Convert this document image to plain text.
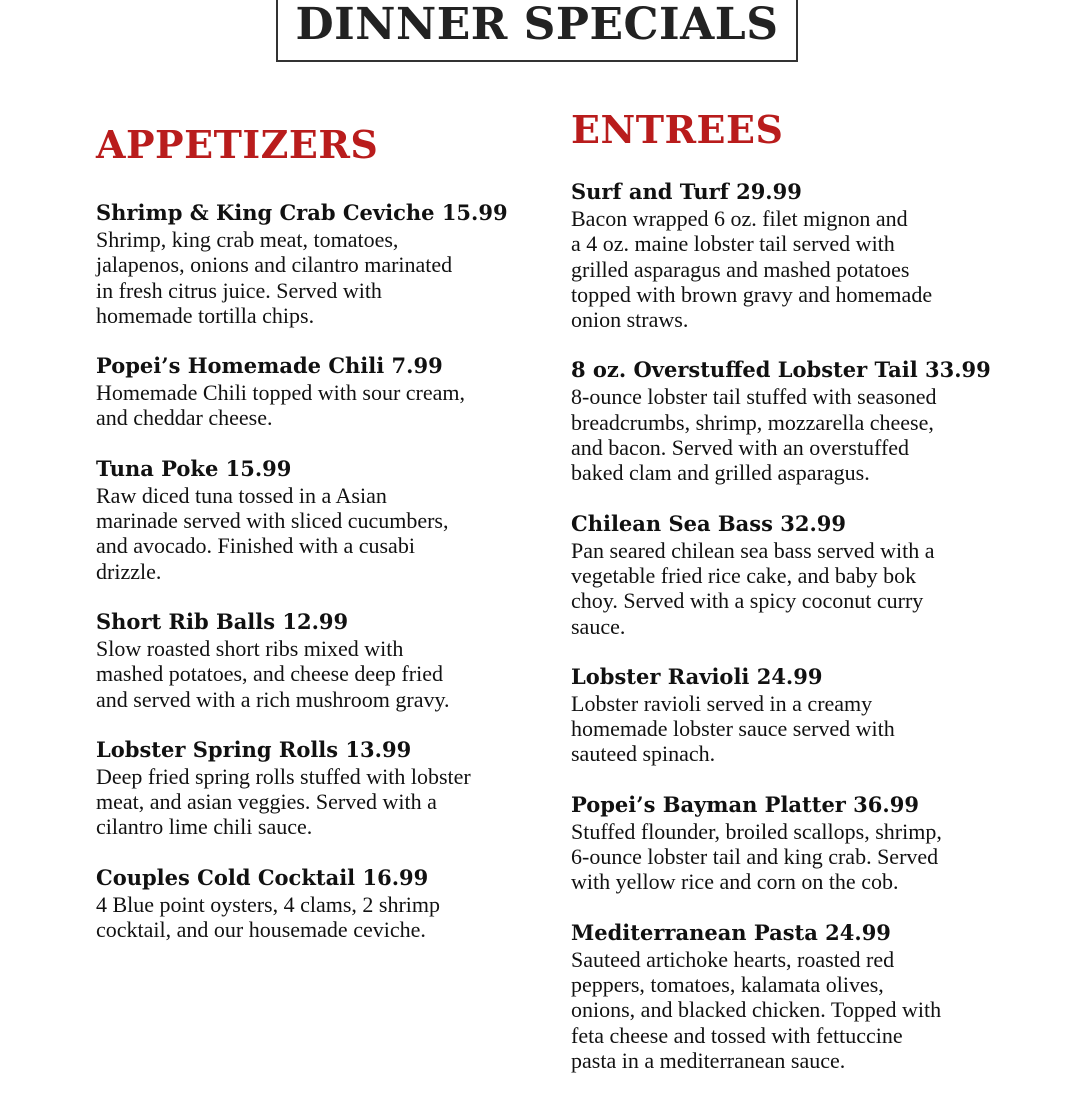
DINNER SPECIALS
APPETIZERS
Shrimp & King Crab Ceviche 15.99
Shrimp, king crab meat, tomatoes,
jalapenos, onions and cilantro marinated
in fresh citrus juice. Served with
homemade tortilla chips.
Popei’s Homemade Chili 7.99
Homemade Chili topped with sour cream,
and cheddar cheese.
Tuna Poke 15.99
Raw diced tuna tossed in a Asian
marinade served with sliced cucumbers,
and avocado. Finished with a cusabi
drizzle.
Short Rib Balls 12.99
Slow roasted short ribs mixed with
mashed potatoes, and cheese deep fried
and served with a rich mushroom gravy.
Lobster Spring Rolls 13.99
Deep fried spring rolls stuffed with lobster
meat, and asian veggies. Served with a
cilantro lime chili sauce.
Couples Cold Cocktail 16.99
4 Blue point oysters, 4 clams, 2 shrimp
cocktail, and our housemade ceviche.
ENTREES
Surf and Turf 29.99
Bacon wrapped 6 oz. filet mignon and
a 4 oz. maine lobster tail served with
grilled asparagus and mashed potatoes
topped with brown gravy and homemade
onion straws.
8 oz. Overstuffed Lobster Tail 33.99
8-ounce lobster tail stuffed with seasoned
breadcrumbs, shrimp, mozzarella cheese,
and bacon. Served with an overstuffed
baked clam and grilled asparagus.
Chilean Sea Bass 32.99
Pan seared chilean sea bass served with a
vegetable fried rice cake, and baby bok
choy. Served with a spicy coconut curry
sauce.
Lobster Ravioli 24.99
Lobster ravioli served in a creamy
homemade lobster sauce served with
sauteed spinach.
Popei’s Bayman Platter 36.99
Stuffed flounder, broiled scallops, shrimp,
6-ounce lobster tail and king crab. Served
with yellow rice and corn on the cob.
Mediterranean Pasta 24.99
Sauteed artichoke hearts, roasted red
peppers, tomatoes, kalamata olives,
onions, and blacked chicken. Topped with
feta cheese and tossed with fettuccine
pasta in a mediterranean sauce.
